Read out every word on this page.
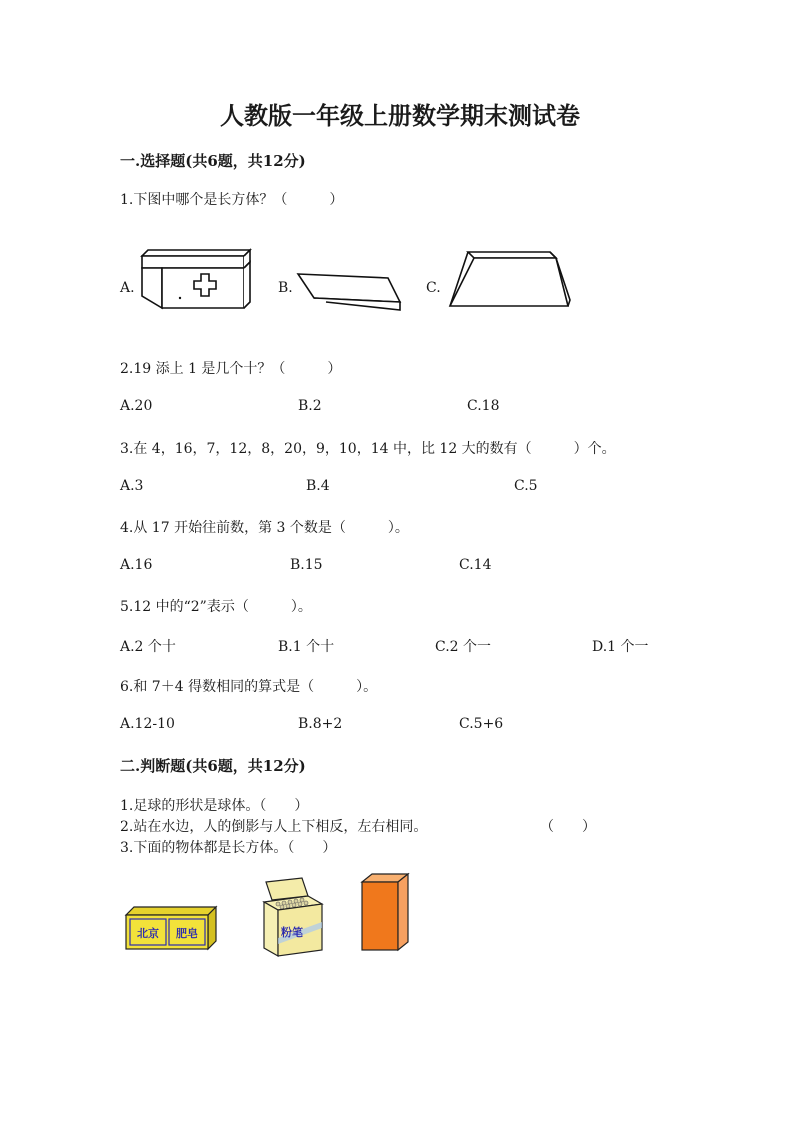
人教版一年级上册数学期末测试卷
一.选择题(共6题，共12分)
1.下图中哪个是长方体？（　　　）
A.	B.	C.
2.19 添上 1 是几个十？（　　　）
A.20	B.2	C.18
3.在 4，16，7，12，8，20，9，10，14 中，比 12 大的数有（　　　）个。
A.3	B.4	C.5
4.从 17 开始往前数，第 3 个数是（　　　）。
A.16	B.15	C.14
5.12 中的“2”表示（　　　）。
A.2 个十	B.1 个十	C.2 个一	D.1 个一
6.和 7＋4 得数相同的算式是（　　　）。
A.12-10	B.8+2	C.5+6
二.判断题(共6题，共12分)
1.足球的形状是球体。（　　）
2.站在水边，人的倒影与人上下相反，左右相同。	（　　）
3.下面的物体都是长方体。（　　）
北京 肥皂	粉笔
